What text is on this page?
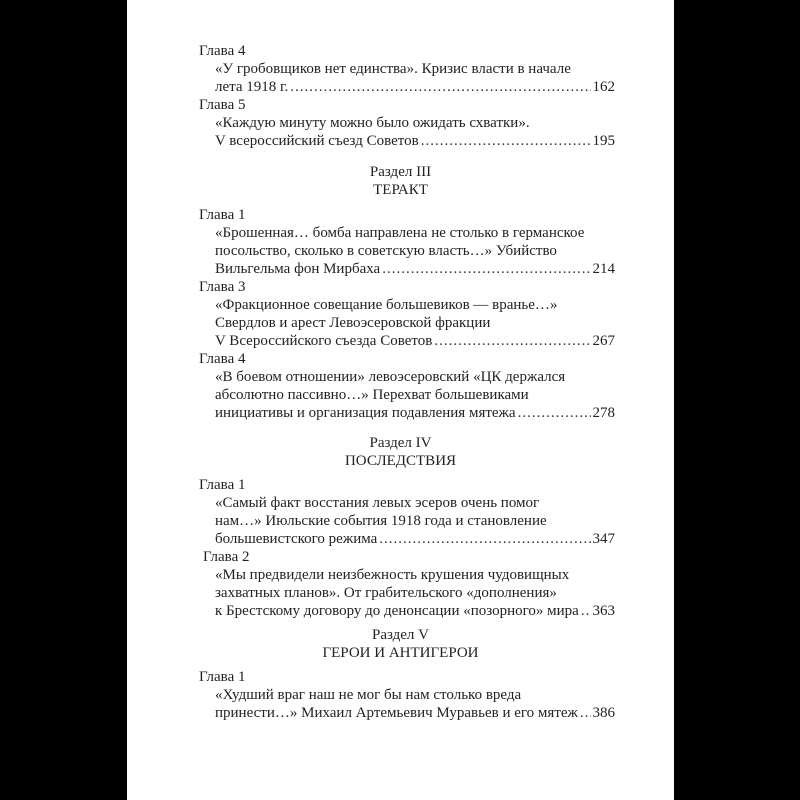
Глава 4
«У гробовщиков нет единства». Кризис власти в начале
лета 1918 г. .....	162
Глава 5
«Каждую минуту можно было ожидать схватки».
V всероссийский съезд Советов .....	195
Раздел III
ТЕРАКТ
Глава 1
«Брошенная… бомба направлена не столько в германское
посольство, сколько в советскую власть…» Убийство
Вильгельма фон Мирбаха .....	214
Глава 3
«Фракционное совещание большевиков — вранье…»
Свердлов и арест Левоэсеровской фракции
V Всероссийского съезда Советов .....	267
Глава 4
«В боевом отношении» левоэсеровский «ЦК держался
абсолютно пассивно…» Перехват большевиками
инициативы и организация подавления мятежа .....	278
Раздел IV
ПОСЛЕДСТВИЯ
Глава 1
«Самый факт восстания левых эсеров очень помог
нам…» Июльские события 1918 года и становление
большевистского режима .....	347
Глава 2
«Мы предвидели неизбежность крушения чудовищных
захватных планов». От грабительского «дополнения»
к Брестскому договору до денонсации «позорного» мира ..... 363
Раздел V
ГЕРОИ И АНТИГЕРОИ
Глава 1
«Худший враг наш не мог бы нам столько вреда
принести…» Михаил Артемьевич Муравьев и его мятеж ..... 386
